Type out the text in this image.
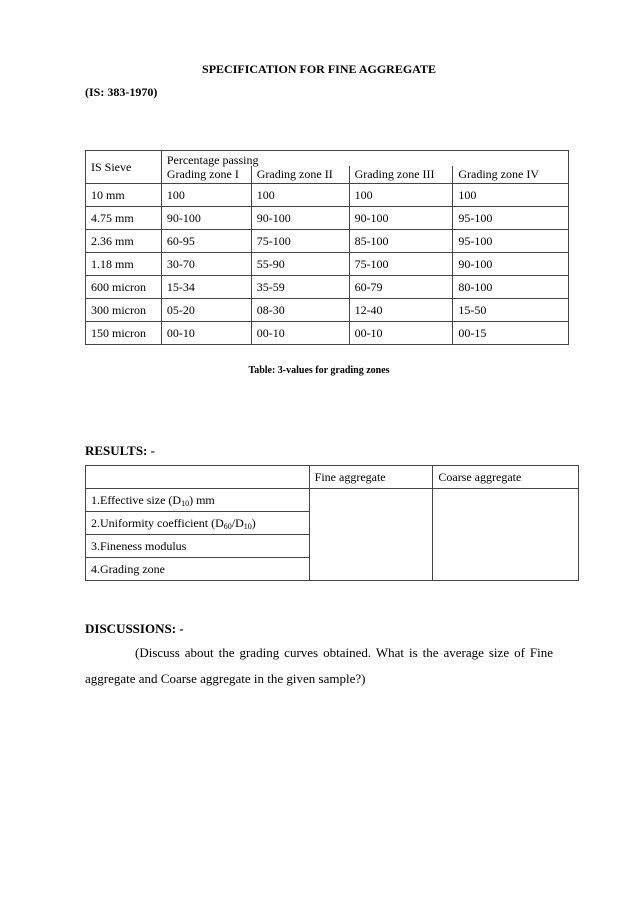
SPECIFICATION FOR FINE AGGREGATE
(IS: 383-1970)
IS Sieve	Percentage passing			
	Grading zone I	Grading zone II	Grading zone III	Grading zone IV
10 mm	100	100	100	100
4.75 mm	90-100	90-100	90-100	95-100
2.36 mm	60-95	75-100	85-100	95-100
1.18 mm	30-70	55-90	75-100	90-100
600 micron	15-34	35-59	60-79	80-100
300 micron	05-20	08-30	12-40	15-50
150 micron	00-10	00-10	00-10	00-15
Table: 3-values for grading zones
RESULTS: -
	Fine aggregate	Coarse aggregate
1.Effective size $(D_{10})$ mm		
2.Uniformity coefficient $(D_{60}/D_{10})$		
3.Fineness modulus		
4.Grading zone		
DISCUSSIONS: -
(Discuss about the grading curves obtained. What is the average size of Fine aggregate and Coarse aggregate in the given sample?)
